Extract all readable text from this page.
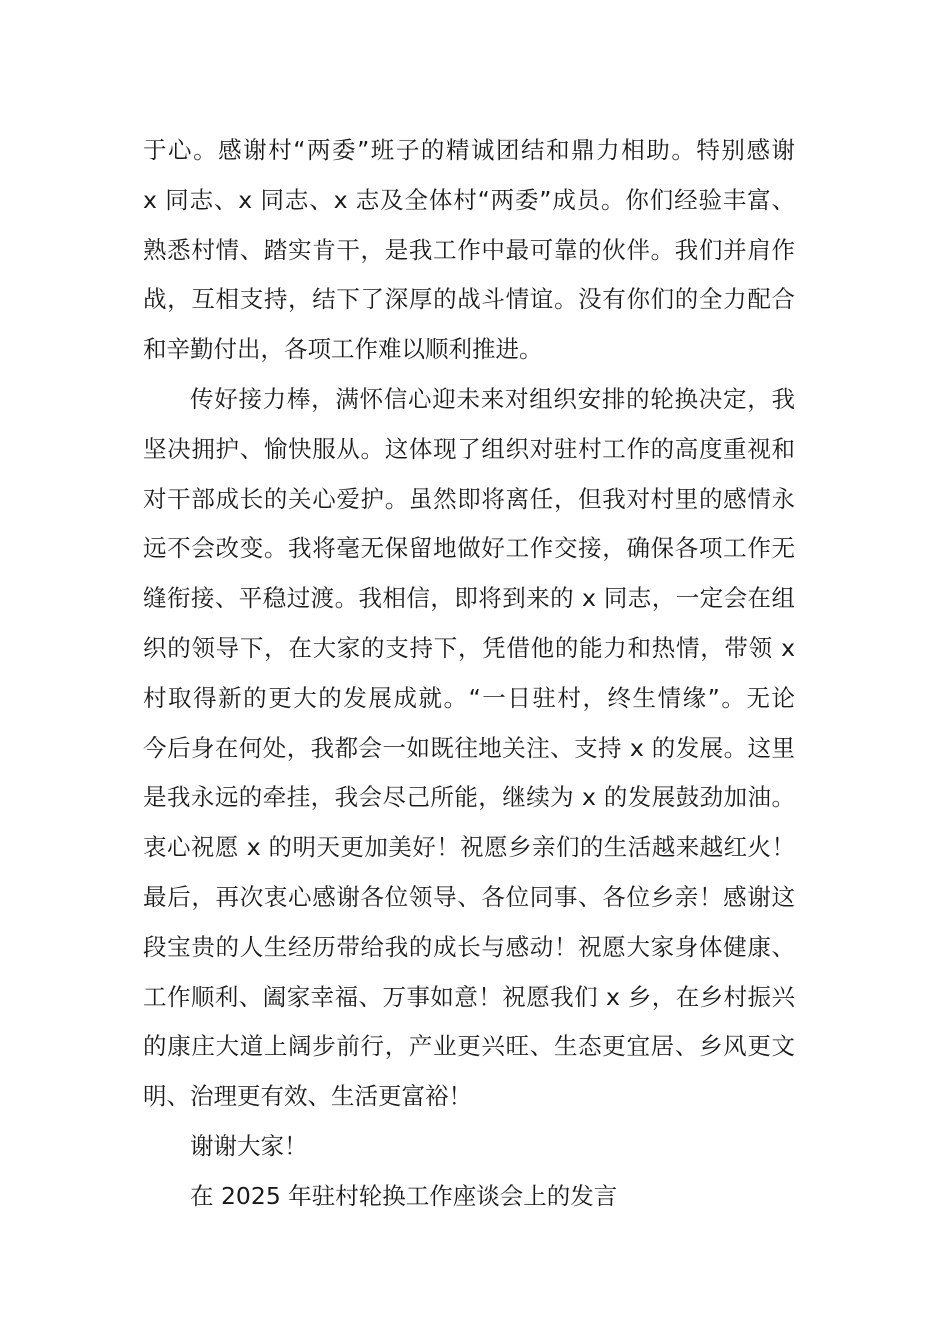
于心。感谢村“两委”班子的精诚团结和鼎力相助。特别感谢
x 同志、x 同志、x 志及全体村“两委”成员。你们经验丰富、
熟悉村情、踏实肯干，是我工作中最可靠的伙伴。我们并肩作
战，互相支持，结下了深厚的战斗情谊。没有你们的全力配合
和辛勤付出，各项工作难以顺利推进。
传好接力棒，满怀信心迎未来对组织安排的轮换决定，我
坚决拥护、愉快服从。这体现了组织对驻村工作的高度重视和
对干部成长的关心爱护。虽然即将离任，但我对村里的感情永
远不会改变。我将毫无保留地做好工作交接，确保各项工作无
缝衔接、平稳过渡。我相信，即将到来的 x 同志，一定会在组
织的领导下，在大家的支持下，凭借他的能力和热情，带领 x
村取得新的更大的发展成就。“一日驻村，终生情缘”。无论
今后身在何处，我都会一如既往地关注、支持 x 的发展。这里
是我永远的牵挂，我会尽己所能，继续为 x 的发展鼓劲加油。
衷心祝愿 x 的明天更加美好！祝愿乡亲们的生活越来越红火！
最后，再次衷心感谢各位领导、各位同事、各位乡亲！感谢这
段宝贵的人生经历带给我的成长与感动！祝愿大家身体健康、
工作顺利、阖家幸福、万事如意！祝愿我们 x 乡，在乡村振兴
的康庄大道上阔步前行，产业更兴旺、生态更宜居、乡风更文
明、治理更有效、生活更富裕！
谢谢大家！
在 2025 年驻村轮换工作座谈会上的发言
